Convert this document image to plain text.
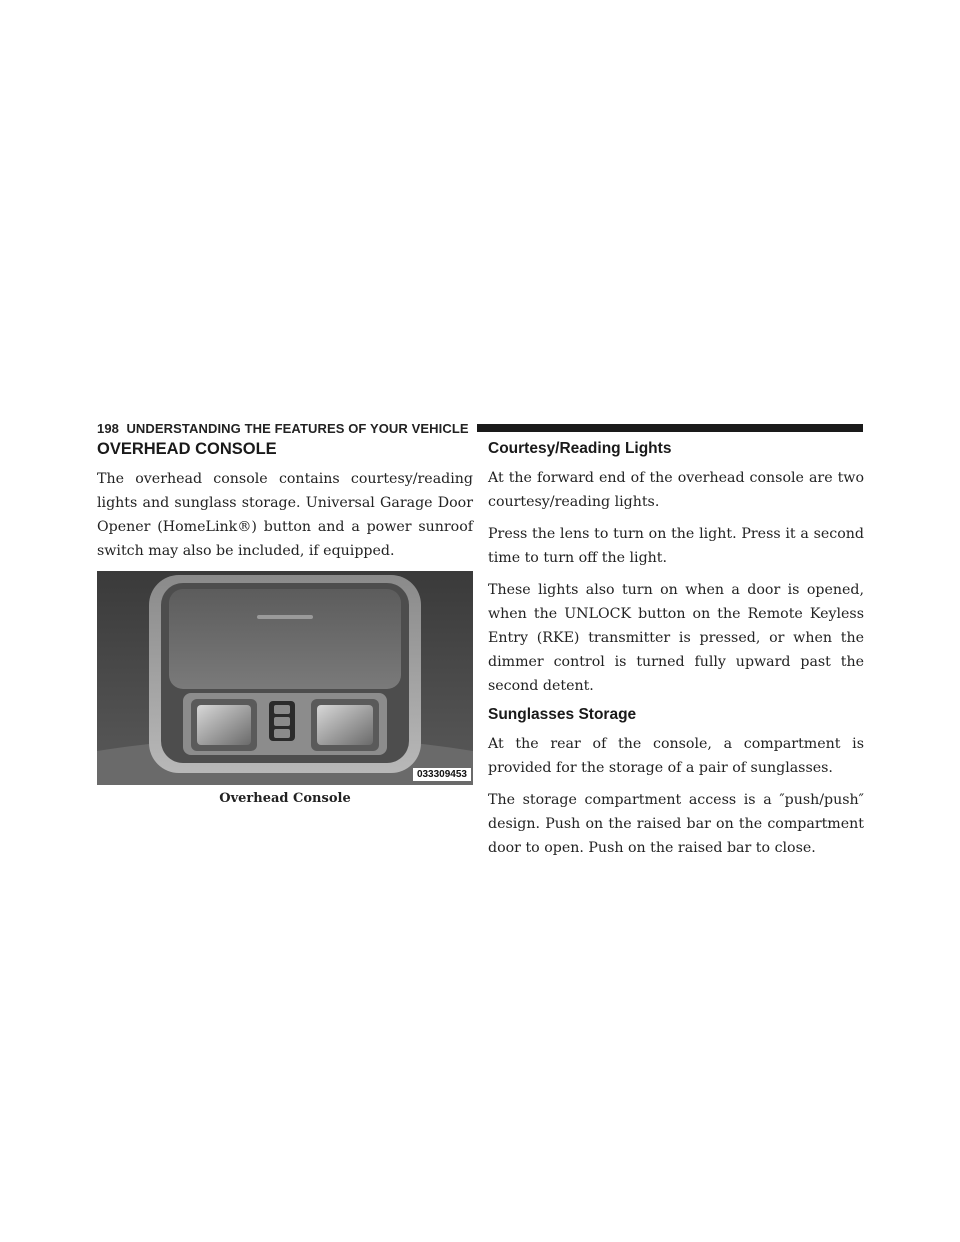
198 UNDERSTANDING THE FEATURES OF YOUR VEHICLE
OVERHEAD CONSOLE

The overhead console contains courtesy/reading lights and sunglass storage. Universal Garage Door Opener (HomeLink®) button and a power sunroof switch may also be included, if equipped.

033309453
Overhead Console
Courtesy/Reading Lights

At the forward end of the overhead console are two courtesy/reading lights.

Press the lens to turn on the light. Press it a second time to turn off the light.

These lights also turn on when a door is opened, when the UNLOCK button on the Remote Keyless Entry (RKE) transmitter is pressed, or when the dimmer control is turned fully upward past the second detent.

Sunglasses Storage

At the rear of the console, a compartment is provided for the storage of a pair of sunglasses.

The storage compartment access is a ″push/push″ design. Push on the raised bar on the compartment door to open. Push on the raised bar to close.
